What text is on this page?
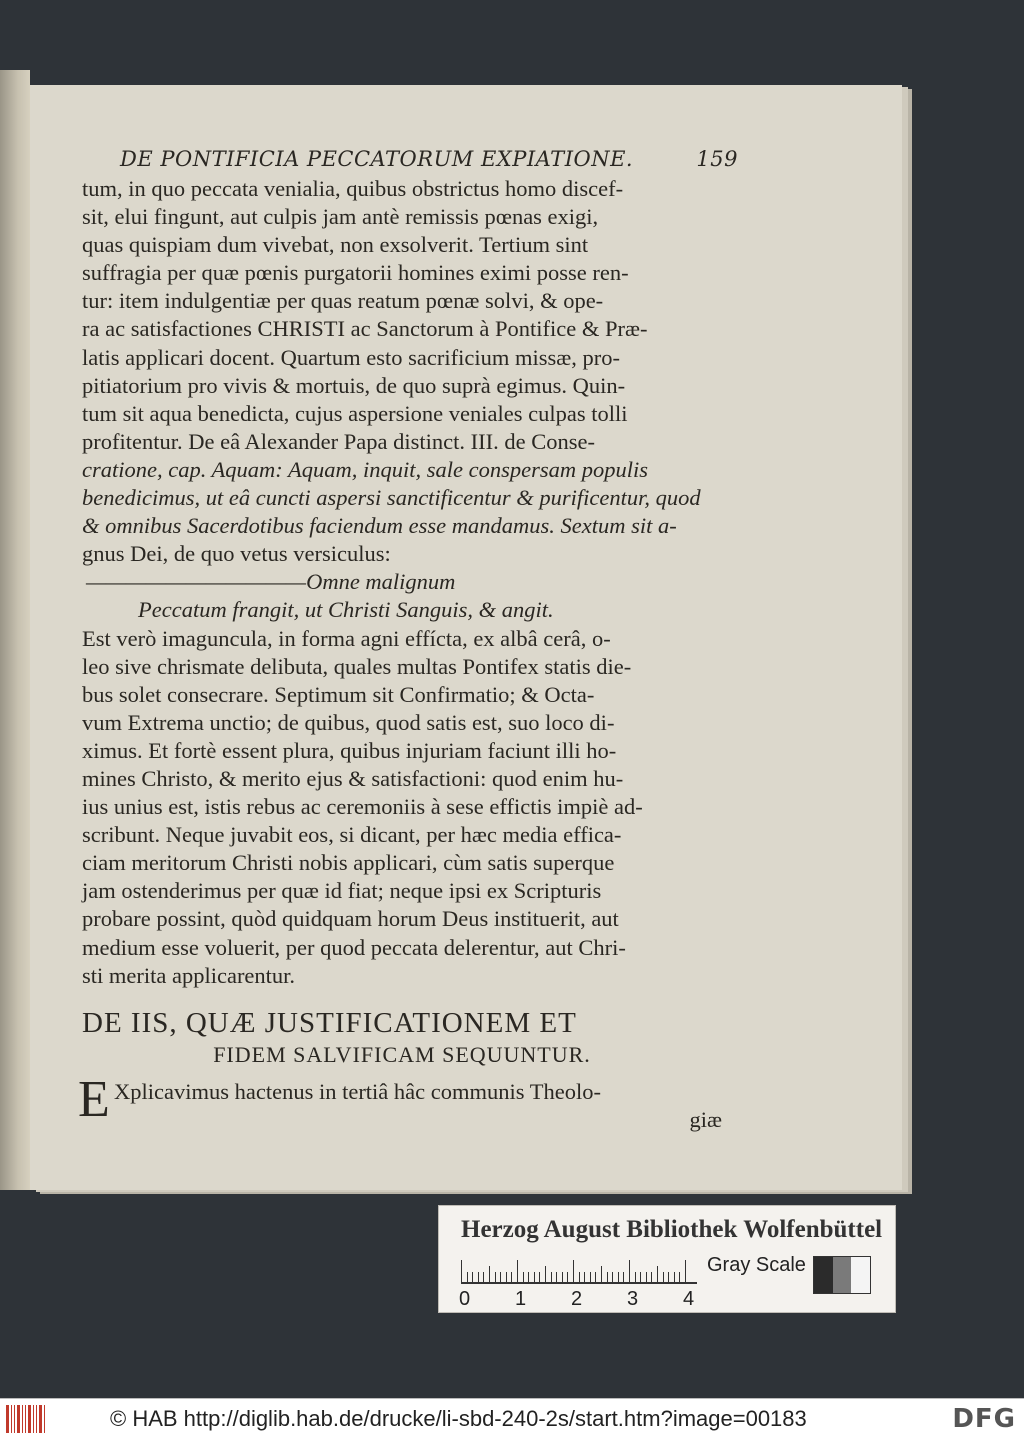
DE PONTIFICIA PECCATORUM EXPIATIONE.	159
tum, in quo peccata venialia, quibus obstrictus homo discef-
sit, elui fingunt, aut culpis jam antè remissis pœnas exigi,
quas quispiam dum vivebat, non exsolverit. Tertium sint
suffragia per quæ pœnis purgatorii homines eximi posse ren-
tur: item indulgentiæ per quas reatum pœnæ solvi, & ope-
ra ac satisfactiones CHRISTI ac Sanctorum à Pontifice & Præ-
latis applicari docent. Quartum esto sacrificium missæ, pro-
pitiatorium pro vivis & mortuis, de quo suprà egimus. Quin-
tum sit aqua benedicta, cujus aspersione veniales culpas tolli
profitentur. De eâ Alexander Papa distinct. III. de Conse-
cratione, cap. Aquam: Aquam, inquit, sale conspersam populis
benedicimus, ut eâ cuncti aspersi sanctificentur & purificentur, quod
& omnibus Sacerdotibus faciendum esse mandamus. Sextum sit a-
gnus Dei, de quo vetus versiculus:
———————————Omne malignum
Peccatum frangit, ut Christi Sanguis, & angit.
Est verò imaguncula, in forma agni effícta, ex albâ cerâ, o-
leo sive chrismate delibuta, quales multas Pontifex statis die-
bus solet consecrare. Septimum sit Confirmatio; & Octa-
vum Extrema unctio; de quibus, quod satis est, suo loco di-
ximus. Et fortè essent plura, quibus injuriam faciunt illi ho-
mines Christo, & merito ejus & satisfactioni: quod enim hu-
ius unius est, istis rebus ac ceremoniis à sese effictis impiè ad-
scribunt. Neque juvabit eos, si dicant, per hæc media effica-
ciam meritorum Christi nobis applicari, cùm satis superque
jam ostenderimus per quæ id fiat; neque ipsi ex Scripturis
probare possint, quòd quidquam horum Deus instituerit, aut
medium esse voluerit, per quod peccata delerentur, aut Chri-
sti merita applicarentur.
DE IIS, QUÆ JUSTIFICATIONEM ET
FIDEM SALVIFICAM SEQUUNTUR.
E Xplicavimus hactenus in tertiâ hâc communis Theolo-
giæ
Herzog August Bibliothek Wolfenbüttel
0 1 2 3 4
Gray Scale
© HAB http://diglib.hab.de/drucke/li-sbd-240-2s/start.htm?image=00183	DFG
